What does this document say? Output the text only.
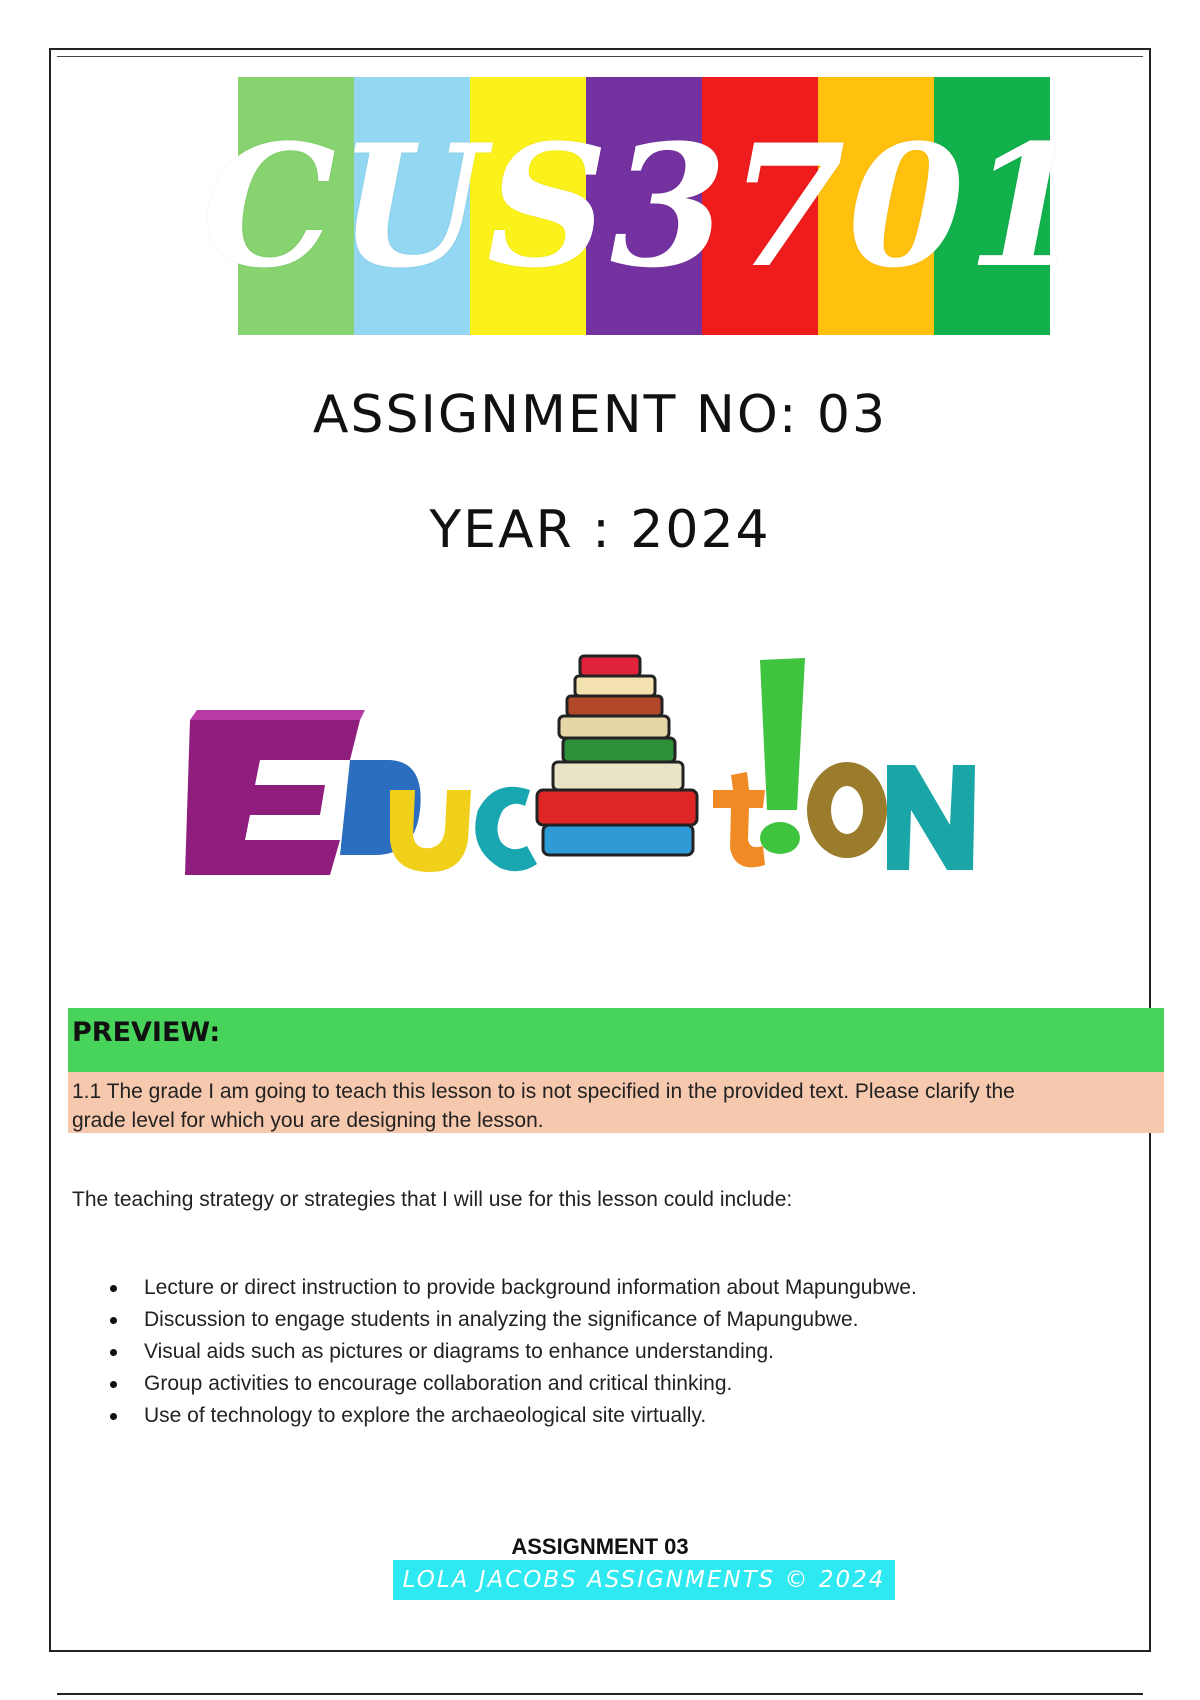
CUS3701
ASSIGNMENT NO: 03
YEAR : 2024
PREVIEW:
1.1 The grade I am going to teach this lesson to is not specified in the provided text. Please clarify the
grade level for which you are designing the lesson.
The teaching strategy or strategies that I will use for this lesson could include:
Lecture or direct instruction to provide background information about Mapungubwe.
Discussion to engage students in analyzing the significance of Mapungubwe.
Visual aids such as pictures or diagrams to enhance understanding.
Group activities to encourage collaboration and critical thinking.
Use of technology to explore the archaeological site virtually.
ASSIGNMENT 03
LOLA JACOBS ASSIGNMENTS © 2024
